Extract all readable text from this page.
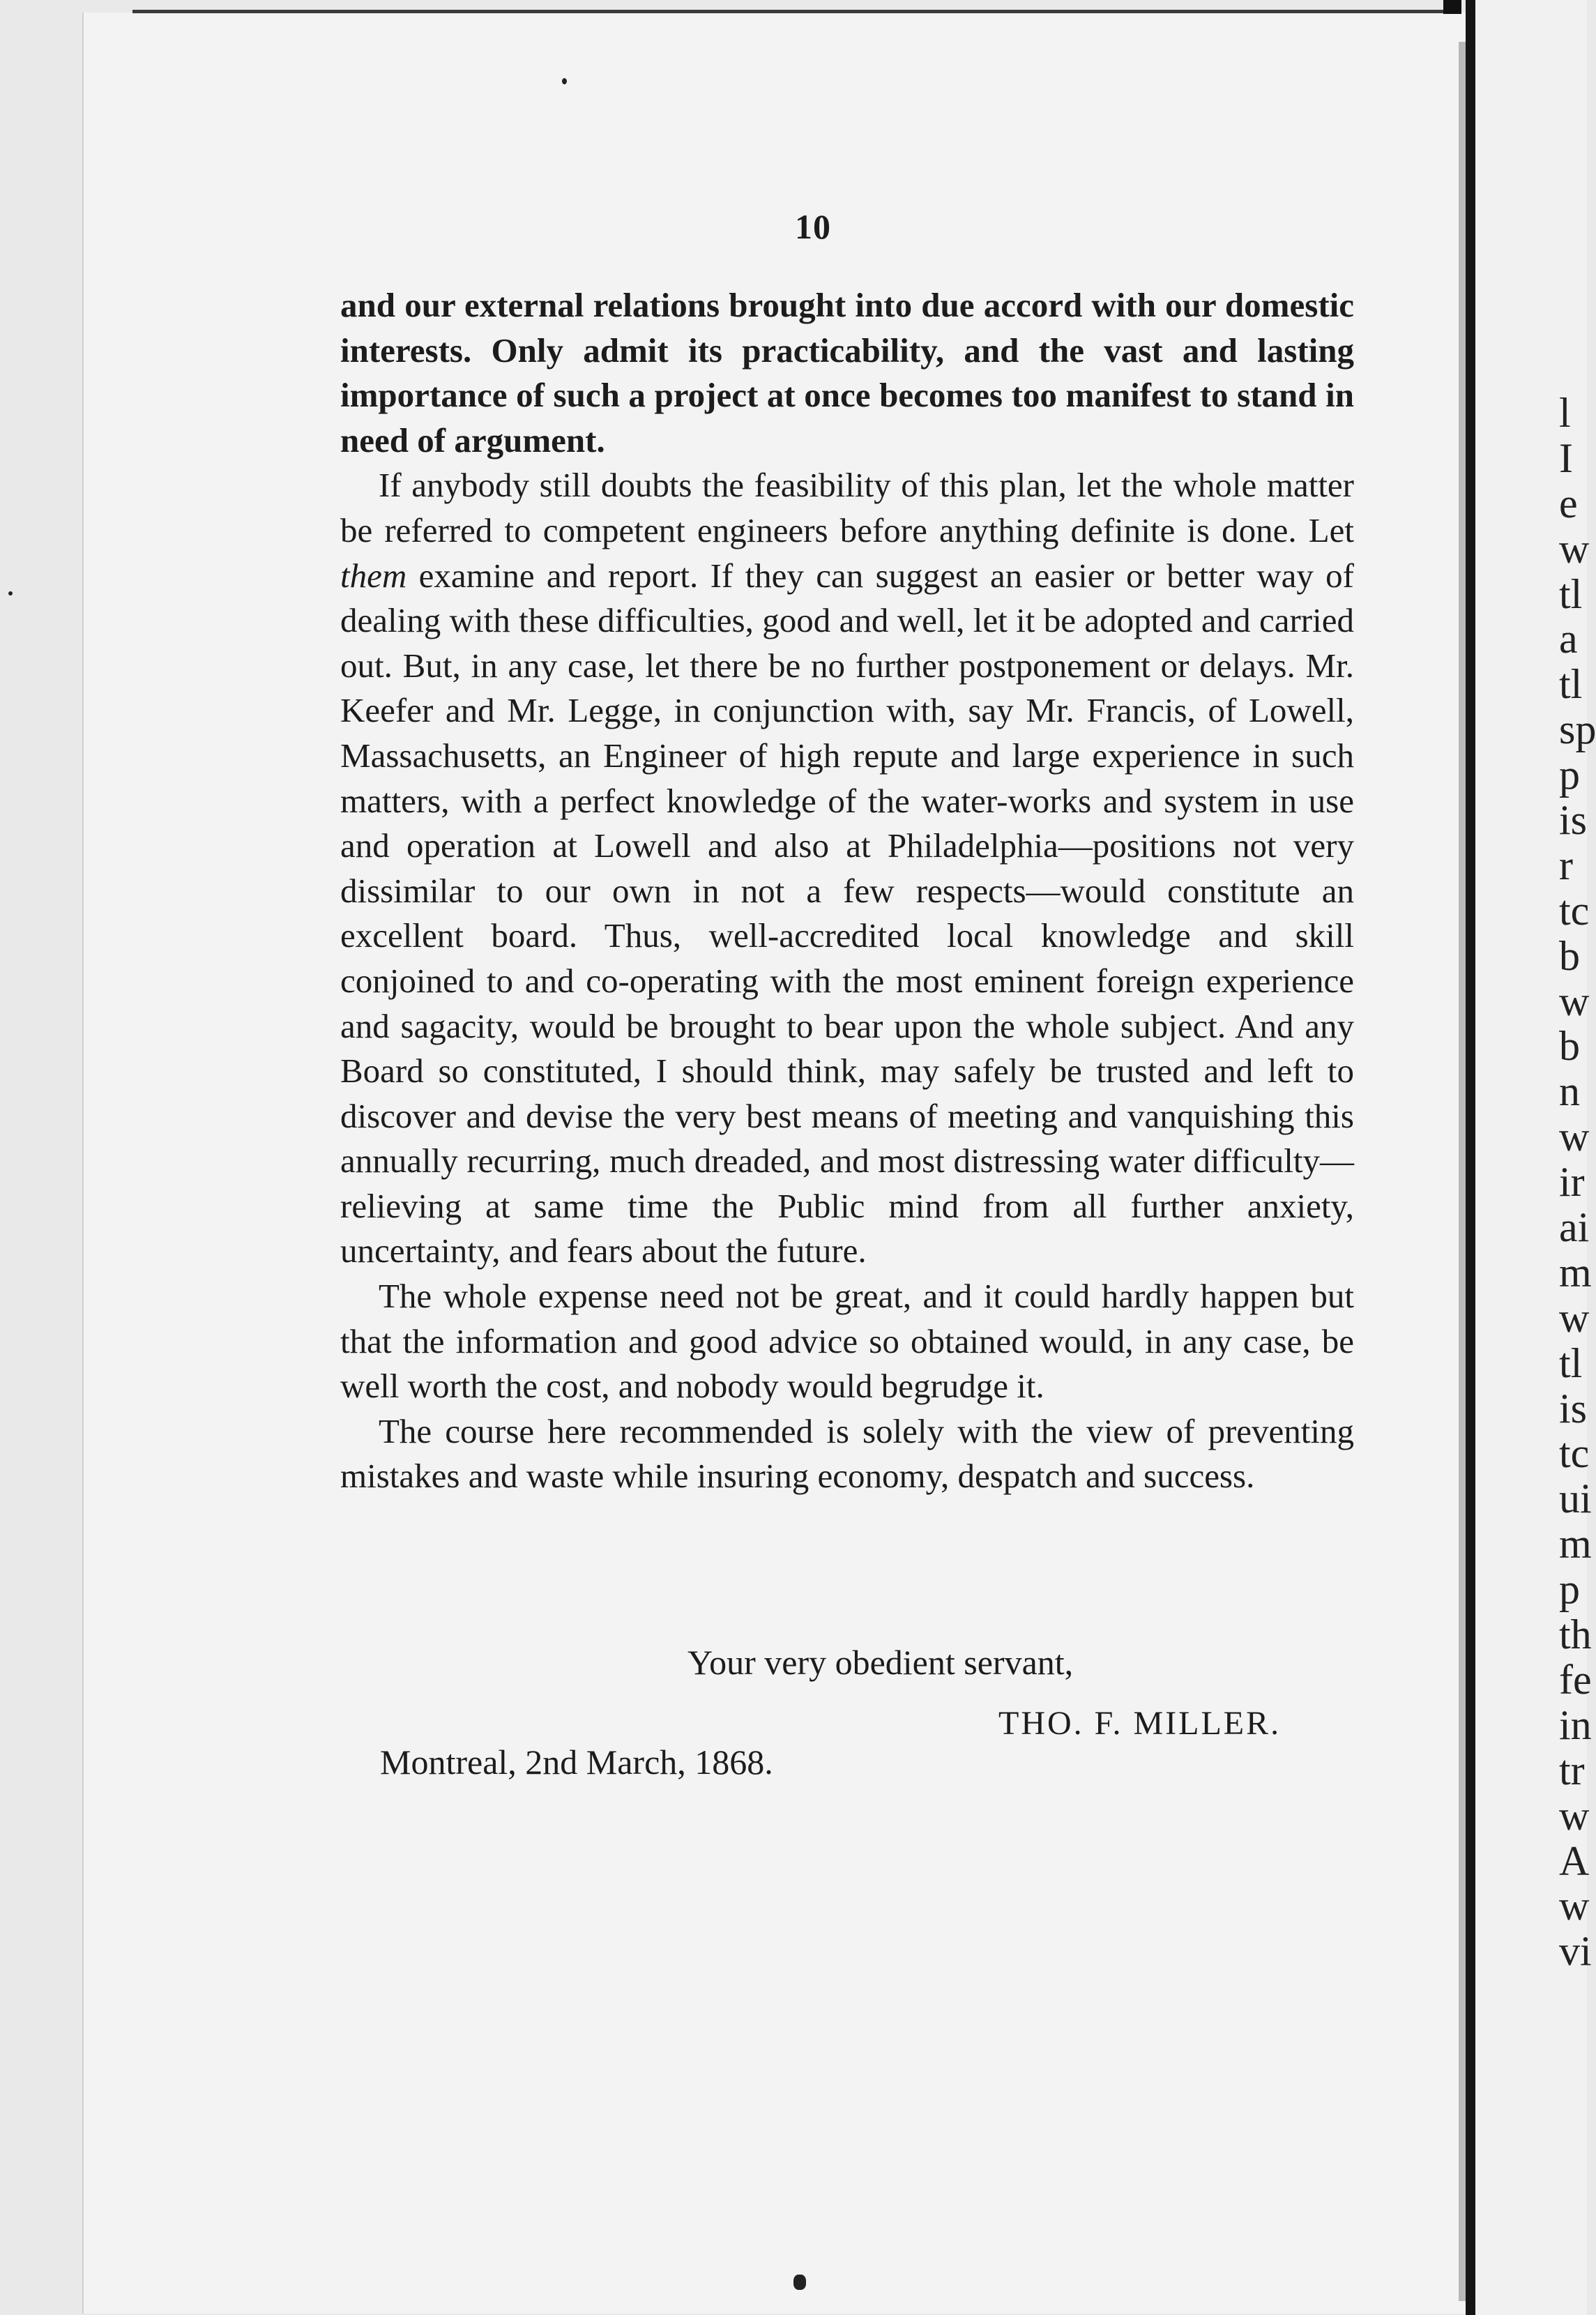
l
I
e
w
tl
a
tl
sp
p
is
r
tc
b
w
b
n
w
ir
ai
m
w
tl
is
tc
ui
m
p
th
fe
in
tr
w
A
w
vi
10

and our external relations brought into due accord with our domestic interests. Only admit its practicability, and the vast and lasting importance of such a project at once becomes too manifest to stand in need of argument.

If anybody still doubts the feasibility of this plan, let the whole matter be referred to competent engineers before anything definite is done. Let them examine and report. If they can suggest an easier or better way of dealing with these difficulties, good and well, let it be adopted and carried out. But, in any case, let there be no further postponement or delays. Mr. Keefer and Mr. Legge, in conjunction with, say Mr. Francis, of Lowell, Massachusetts, an Engineer of high repute and large experience in such matters, with a perfect knowledge of the water-works and system in use and operation at Lowell and also at Philadelphia—positions not very dissimilar to our own in not a few respects—would constitute an excellent board. Thus, well-accredited local knowledge and skill conjoined to and co-operating with the most eminent foreign experience and sagacity, would be brought to bear upon the whole subject. And any Board so constituted, I should think, may safely be trusted and left to discover and devise the very best means of meeting and vanquishing this annually recurring, much dreaded, and most distressing water difficulty—relieving at same time the Public mind from all further anxiety, uncertainty, and fears about the future.

The whole expense need not be great, and it could hardly happen but that the information and good advice so obtained would, in any case, be well worth the cost, and nobody would begrudge it.

The course here recommended is solely with the view of preventing mistakes and waste while insuring economy, despatch and success.

Your very obedient servant,
THO. F. MILLER.
Montreal, 2nd March, 1868.
